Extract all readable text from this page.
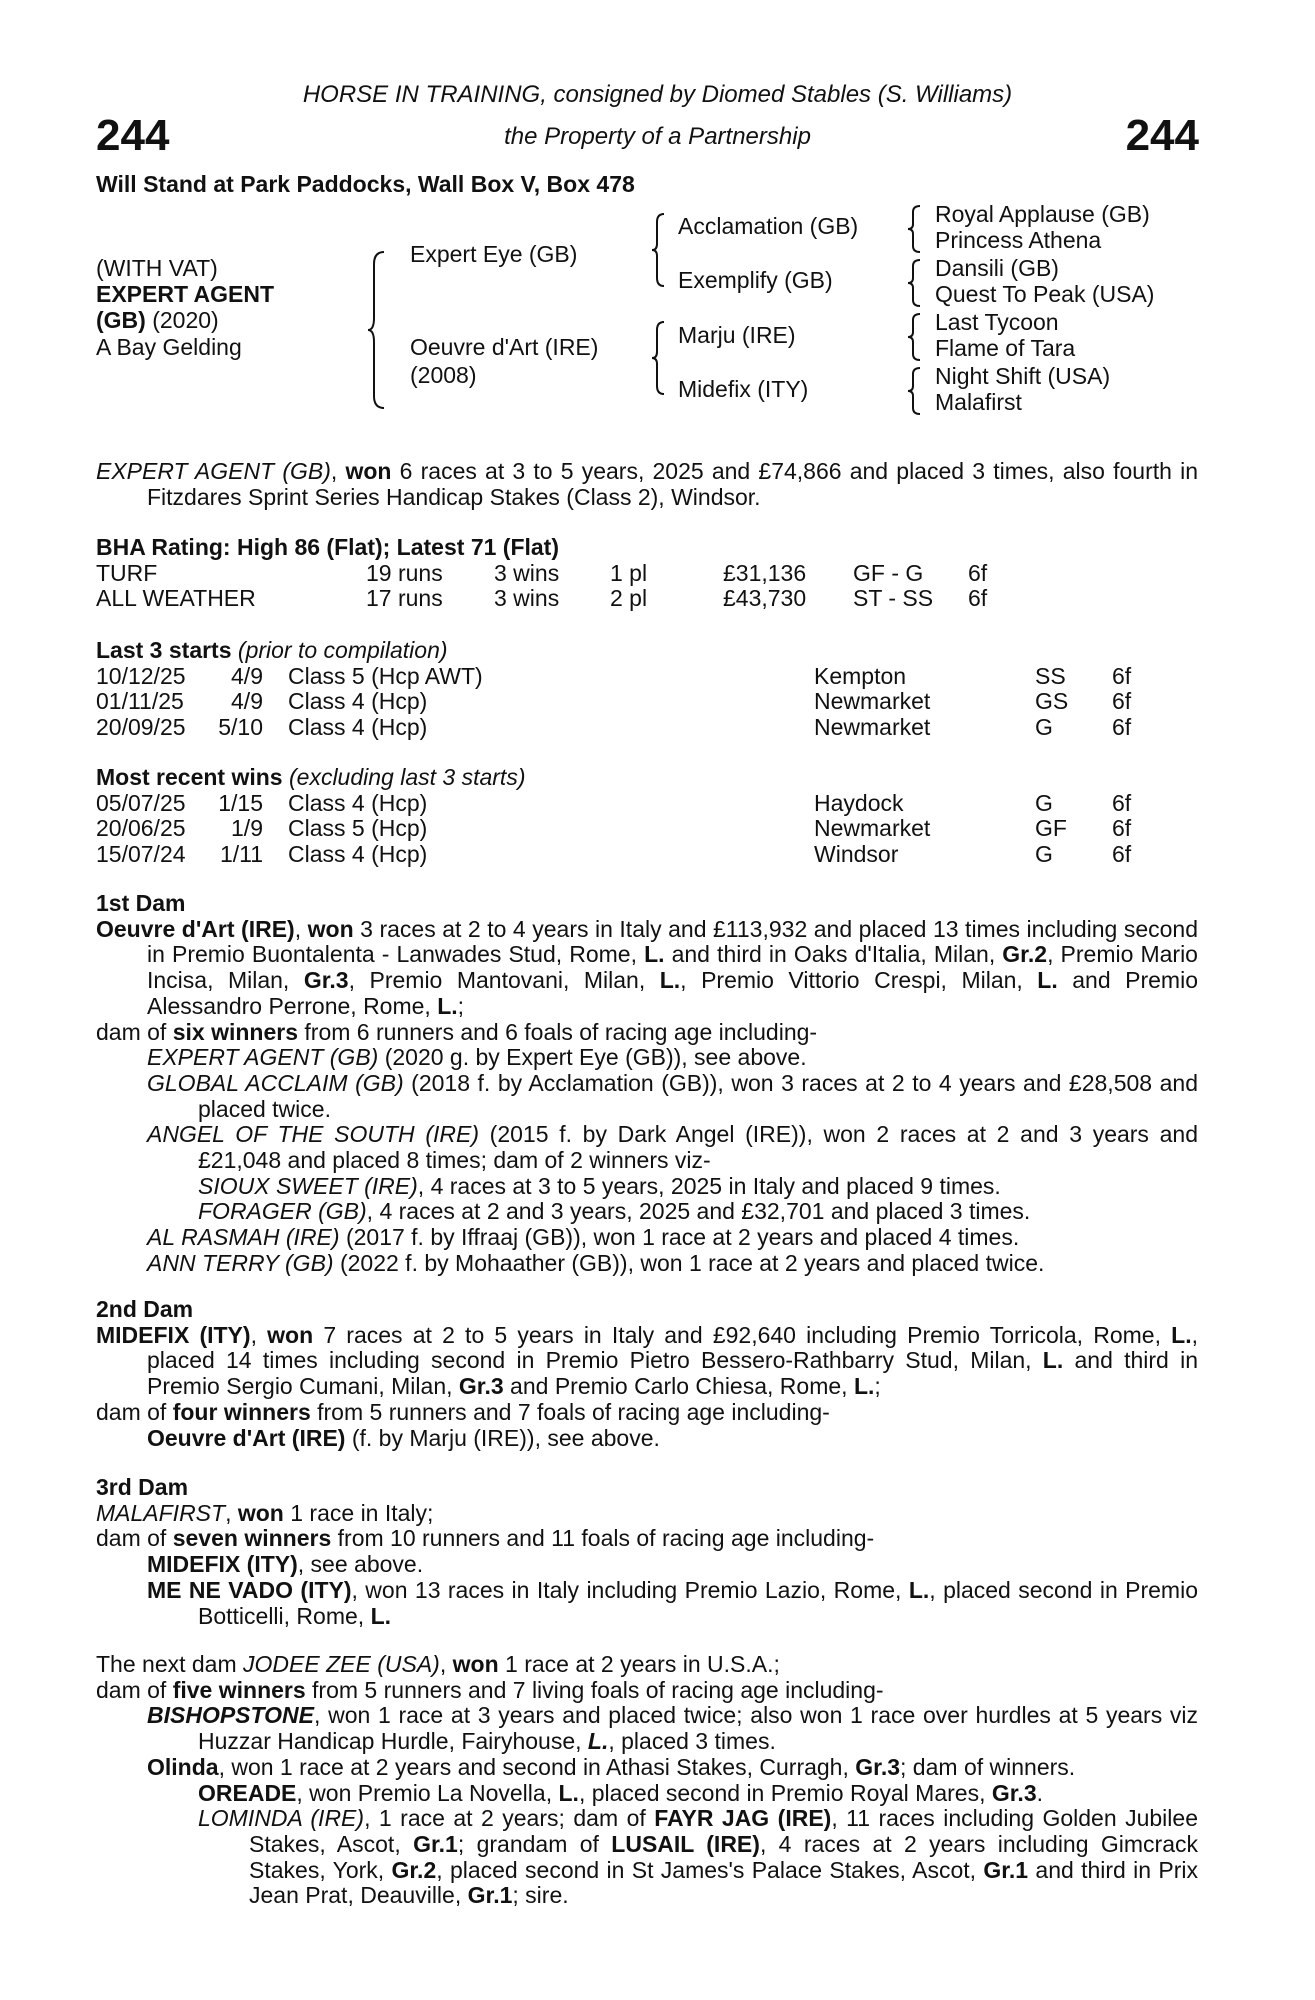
HORSE IN TRAINING, consigned by Diomed Stables (S. Williams)
the Property of a Partnership
244	244
Will Stand at Park Paddocks, Wall Box V, Box 478
(WITH VAT)
EXPERT AGENT
(GB) (2020)
A Bay Gelding
Expert Eye (GB)
Oeuvre d'Art (IRE)
(2008)
Acclamation (GB)
Exemplify (GB)
Marju (IRE)
Midefix (ITY)
Royal Applause (GB)
Princess Athena
Dansili (GB)
Quest To Peak (USA)
Last Tycoon
Flame of Tara
Night Shift (USA)
Malafirst
EXPERT AGENT (GB), won 6 races at 3 to 5 years, 2025 and £74,866 and placed 3 times, also fourth in Fitzdares Sprint Series Handicap Stakes (Class 2), Windsor.
BHA Rating: High 86 (Flat); Latest 71 (Flat)
TURF	19 runs 3 wins 1 pl	£31,136 GF - G 6f
ALL WEATHER	17 runs 3 wins 2 pl	£43,730 ST - SS 6f
Last 3 starts (prior to compilation)
10/12/25 4/9 Class 5 (Hcp AWT)	Kempton	SS 6f
01/11/25 4/9 Class 4 (Hcp)	Newmarket	GS 6f
20/09/25 5/10 Class 4 (Hcp)	Newmarket	G	6f
Most recent wins (excluding last 3 starts)
05/07/25 1/15 Class 4 (Hcp)	Haydock	G	6f
20/06/25 1/9 Class 5 (Hcp)	Newmarket	GF 6f
15/07/24 1/11 Class 4 (Hcp)	Windsor	G	6f
1st Dam
Oeuvre d'Art (IRE), won 3 races at 2 to 4 years in Italy and £113,932 and placed 13 times including second in Premio Buontalenta - Lanwades Stud, Rome, L. and third in Oaks d'Italia, Milan, Gr.2, Premio Mario Incisa, Milan, Gr.3, Premio Mantovani, Milan, L., Premio Vittorio Crespi, Milan, L. and Premio Alessandro Perrone, Rome, L.;
dam of six winners from 6 runners and 6 foals of racing age including-
EXPERT AGENT (GB) (2020 g. by Expert Eye (GB)), see above.
GLOBAL ACCLAIM (GB) (2018 f. by Acclamation (GB)), won 3 races at 2 to 4 years and £28,508 and placed twice.
ANGEL OF THE SOUTH (IRE) (2015 f. by Dark Angel (IRE)), won 2 races at 2 and 3 years and £21,048 and placed 8 times; dam of 2 winners viz-
SIOUX SWEET (IRE), 4 races at 3 to 5 years, 2025 in Italy and placed 9 times.
FORAGER (GB), 4 races at 2 and 3 years, 2025 and £32,701 and placed 3 times.
AL RASMAH (IRE) (2017 f. by Iffraaj (GB)), won 1 race at 2 years and placed 4 times.
ANN TERRY (GB) (2022 f. by Mohaather (GB)), won 1 race at 2 years and placed twice.
2nd Dam
MIDEFIX (ITY), won 7 races at 2 to 5 years in Italy and £92,640 including Premio Torricola, Rome, L., placed 14 times including second in Premio Pietro Bessero-Rathbarry Stud, Milan, L. and third in Premio Sergio Cumani, Milan, Gr.3 and Premio Carlo Chiesa, Rome, L.;
dam of four winners from 5 runners and 7 foals of racing age including-
Oeuvre d'Art (IRE) (f. by Marju (IRE)), see above.
3rd Dam
MALAFIRST, won 1 race in Italy;
dam of seven winners from 10 runners and 11 foals of racing age including-
MIDEFIX (ITY), see above.
ME NE VADO (ITY), won 13 races in Italy including Premio Lazio, Rome, L., placed second in Premio Botticelli, Rome, L.
The next dam JODEE ZEE (USA), won 1 race at 2 years in U.S.A.;
dam of five winners from 5 runners and 7 living foals of racing age including-
BISHOPSTONE, won 1 race at 3 years and placed twice; also won 1 race over hurdles at 5 years viz Huzzar Handicap Hurdle, Fairyhouse, L., placed 3 times.
Olinda, won 1 race at 2 years and second in Athasi Stakes, Curragh, Gr.3; dam of winners.
OREADE, won Premio La Novella, L., placed second in Premio Royal Mares, Gr.3.
LOMINDA (IRE), 1 race at 2 years; dam of FAYR JAG (IRE), 11 races including Golden Jubilee Stakes, Ascot, Gr.1; grandam of LUSAIL (IRE), 4 races at 2 years including Gimcrack Stakes, York, Gr.2, placed second in St James's Palace Stakes, Ascot, Gr.1 and third in Prix Jean Prat, Deauville, Gr.1; sire.
